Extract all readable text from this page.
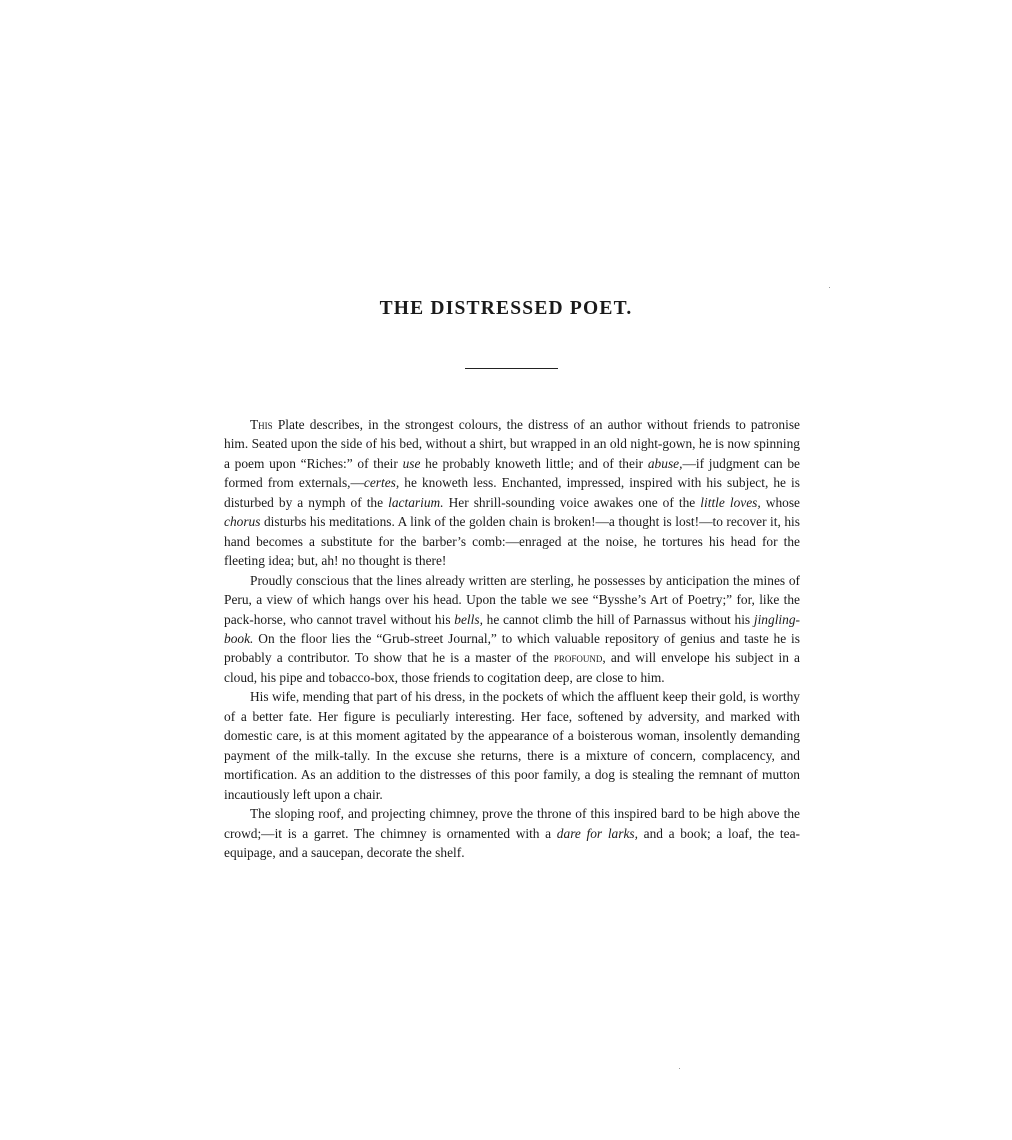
THE DISTRESSED POET.

This Plate describes, in the strongest colours, the distress of an author without friends to patronise him. Seated upon the side of his bed, without a shirt, but wrapped in an old night-gown, he is now spinning a poem upon “Riches:” of their use he probably knoweth little; and of their abuse,—if judgment can be formed from externals,—certes, he knoweth less. Enchanted, impressed, inspired with his subject, he is disturbed by a nymph of the lactarium. Her shrill-sounding voice awakes one of the little loves, whose chorus disturbs his meditations. A link of the golden chain is broken!—a thought is lost!—to recover it, his hand becomes a substitute for the barber’s comb:—enraged at the noise, he tortures his head for the fleeting idea; but, ah! no thought is there!

Proudly conscious that the lines already written are sterling, he possesses by anticipation the mines of Peru, a view of which hangs over his head. Upon the table we see “Bysshe’s Art of Poetry;” for, like the pack-horse, who cannot travel without his bells, he cannot climb the hill of Parnassus without his jingling-book. On the floor lies the “Grub-street Journal,” to which valuable repository of genius and taste he is probably a contributor. To show that he is a master of the profound, and will envelope his subject in a cloud, his pipe and tobacco-box, those friends to cogitation deep, are close to him.

His wife, mending that part of his dress, in the pockets of which the affluent keep their gold, is worthy of a better fate. Her figure is peculiarly interesting. Her face, softened by adversity, and marked with domestic care, is at this moment agitated by the appearance of a boisterous woman, insolently demanding payment of the milk-tally. In the excuse she returns, there is a mixture of concern, complacency, and mortification. As an addition to the distresses of this poor family, a dog is stealing the remnant of mutton incautiously left upon a chair.

The sloping roof, and projecting chimney, prove the throne of this inspired bard to be high above the crowd;—it is a garret. The chimney is ornamented with a dare for larks, and a book; a loaf, the tea-equipage, and a saucepan, decorate the shelf.
